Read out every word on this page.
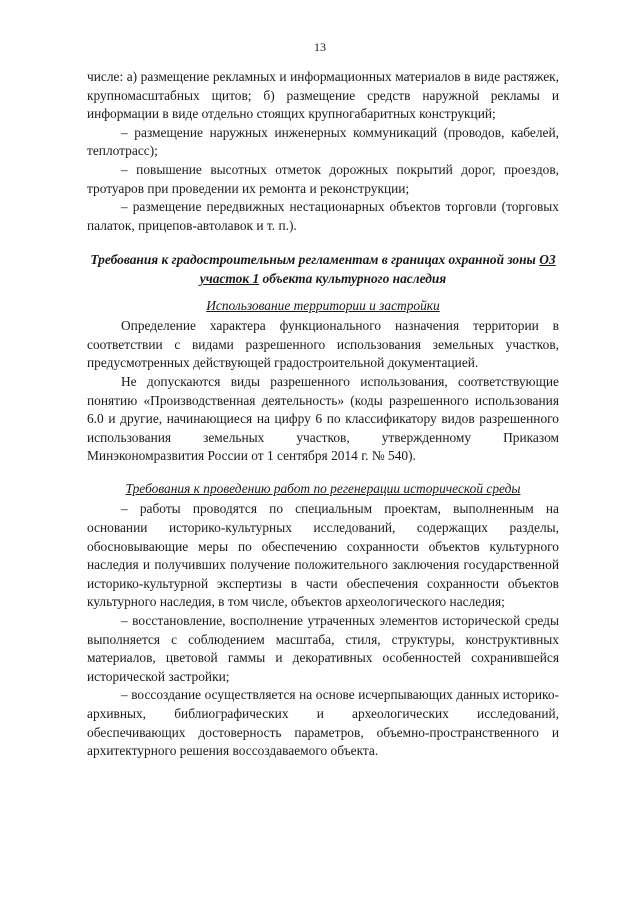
13

числе: а) размещение рекламных и информационных материалов в виде растяжек, крупномасштабных щитов; б) размещение средств наружной рекламы и информации в виде отдельно стоящих крупногабаритных конструкций;

– размещение наружных инженерных коммуникаций (проводов, кабелей, теплотрасс);

– повышение высотных отметок дорожных покрытий дорог, проездов, тротуаров при проведении их ремонта и реконструкции;

– размещение передвижных нестационарных объектов торговли (торговых палаток, прицепов-автолавок и т. п.).

Требования к градостроительным регламентам в границах охранной зоны ОЗ участок 1 объекта культурного наследия
Использование территории и застройки

Определение характера функционального назначения территории в соответствии с видами разрешенного использования земельных участков, предусмотренных действующей градостроительной документацией.

Не допускаются виды разрешенного использования, соответствующие понятию «Производственная деятельность» (коды разрешенного использования 6.0 и другие, начинающиеся на цифру 6 по классификатору видов разрешенного использования земельных участков, утвержденному Приказом Минэкономразвития России от 1 сентября 2014 г. № 540).

Требования к проведению работ по регенерации исторической среды

– работы проводятся по специальным проектам, выполненным на основании историко-культурных исследований, содержащих разделы, обосновывающие меры по обеспечению сохранности объектов культурного наследия и получивших получение положительного заключения государственной историко-культурной экспертизы в части обеспечения сохранности объектов культурного наследия, в том числе, объектов археологического наследия;

– восстановление, восполнение утраченных элементов исторической среды выполняется с соблюдением масштаба, стиля, структуры, конструктивных материалов, цветовой гаммы и декоративных особенностей сохранившейся исторической застройки;

– воссоздание осуществляется на основе исчерпывающих данных историко-архивных, библиографических и археологических исследований, обеспечивающих достоверность параметров, объемно-пространственного и архитектурного решения воссоздаваемого объекта.
